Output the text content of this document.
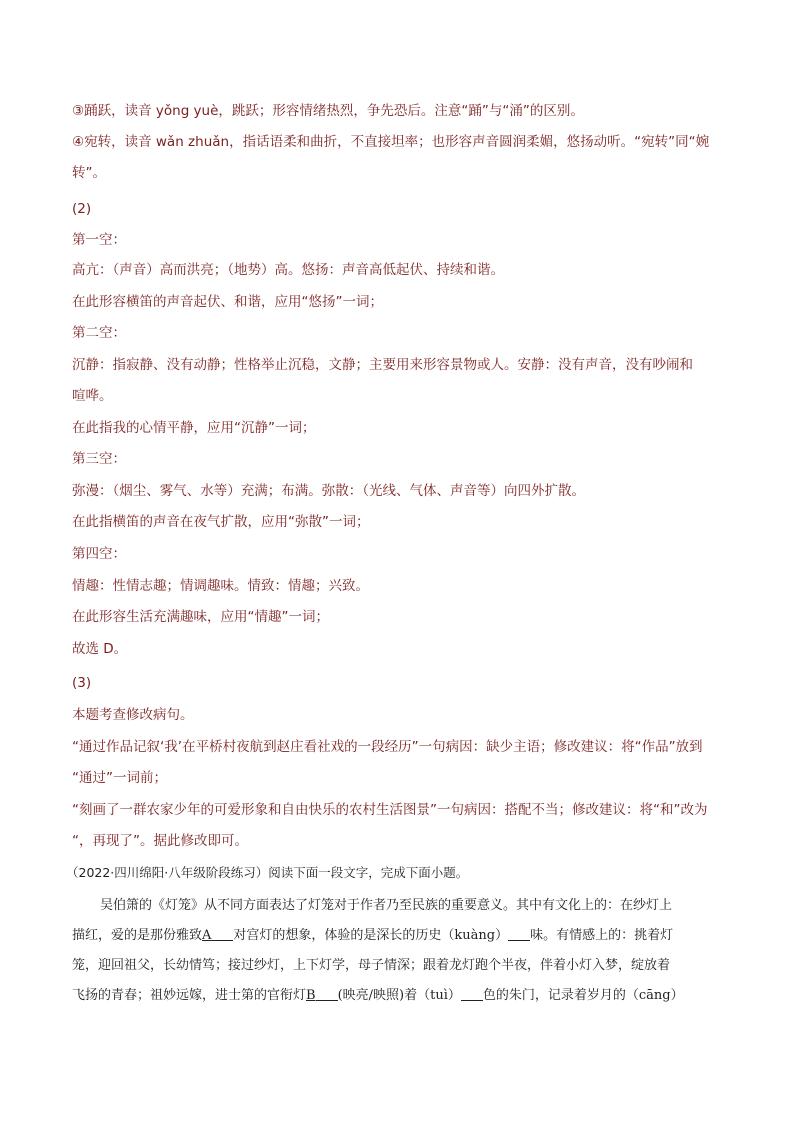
③踊跃，读音 yǒng yuè，跳跃；形容情绪热烈，争先恐后。注意“踊”与“涌”的区别。
④宛转，读音 wǎn zhuǎn，指话语柔和曲折，不直接坦率；也形容声音圆润柔媚，悠扬动听。“宛转”同“婉
转”。
(2)
第一空：
高亢：（声音）高而洪亮；（地势）高。悠扬：声音高低起伏、持续和谐。
在此形容横笛的声音起伏、和谐，应用“悠扬”一词；
第二空：
沉静：指寂静、没有动静；性格举止沉稳，文静；主要用来形容景物或人。安静：没有声音，没有吵闹和
喧哗。
在此指我的心情平静，应用“沉静”一词；
第三空：
弥漫：（烟尘、雾气、水等）充满；布满。弥散：（光线、气体、声音等）向四外扩散。
在此指横笛的声音在夜气扩散，应用“弥散”一词；
第四空：
情趣：性情志趣；情调趣味。情致：情趣；兴致。
在此形容生活充满趣味，应用“情趣”一词；
故选 D。
(3)
本题考查修改病句。
“通过作品记叙‘我’在平桥村夜航到赵庄看社戏的一段经历”一句病因：缺少主语；修改建议：将“作品”放到
“通过”一词前；
“刻画了一群农家少年的可爱形象和自由快乐的农村生活图景”一句病因：搭配不当；修改建议：将“和”改为
“，再现了”。据此修改即可。
（2022·四川绵阳·八年级阶段练习）阅读下面一段文字，完成下面小题。
吴伯箫的《灯笼》从不同方面表达了灯笼对于作者乃至民族的重要意义。其中有文化上的：在纱灯上
描红，爱的是那份雅致A 对宫灯的想象，体验的是深长的历史（kuàng） 味。有情感上的：挑着灯
笼，迎回祖父，长幼情笃；接过纱灯，上下灯学，母子情深；跟着龙灯跑个半夜，伴着小灯入梦，绽放着
飞扬的青春；祖妙远嫁，进士第的官衔灯B (映亮/映照)着（tuì） 色的朱门，记录着岁月的（cāng）
